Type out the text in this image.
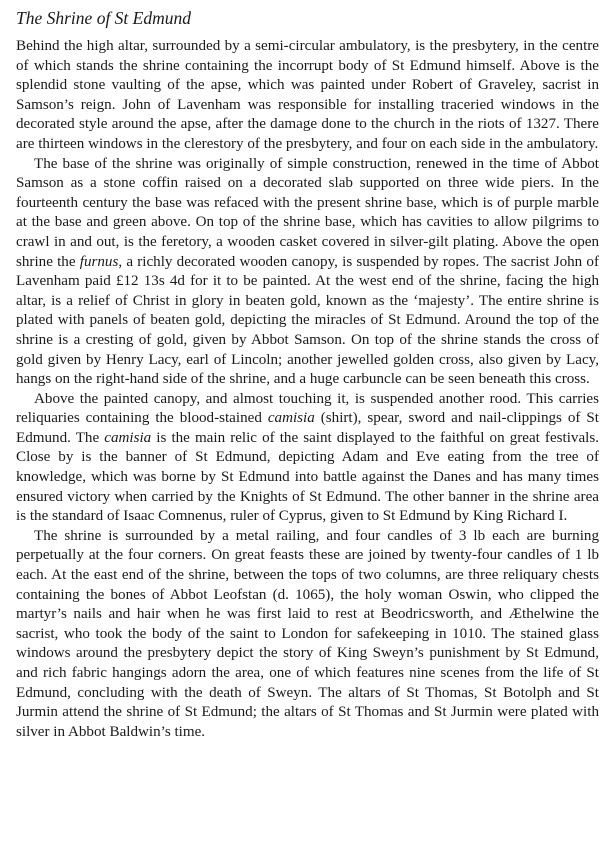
The Shrine of St Edmund

Behind the high altar, surrounded by a semi-circular ambulatory, is the presbytery, in the centre of which stands the shrine containing the incorrupt body of St Edmund himself. Above is the splendid stone vaulting of the apse, which was painted under Robert of Graveley, sacrist in Samson’s reign. John of Lavenham was responsible for installing traceried windows in the decorated style around the apse, after the damage done to the church in the riots of 1327. There are thirteen windows in the clerestory of the presbytery, and four on each side in the ambulatory.

The base of the shrine was originally of simple construction, renewed in the time of Abbot Samson as a stone coffin raised on a decorated slab supported on three wide piers. In the fourteenth century the base was refaced with the present shrine base, which is of purple marble at the base and green above. On top of the shrine base, which has cavities to allow pilgrims to crawl in and out, is the feretory, a wooden casket covered in silver-gilt plating. Above the open shrine the furnus, a richly decorated wooden canopy, is suspended by ropes. The sacrist John of Lavenham paid £12 13s 4d for it to be painted. At the west end of the shrine, facing the high altar, is a relief of Christ in glory in beaten gold, known as the ‘majesty’. The entire shrine is plated with panels of beaten gold, depicting the miracles of St Edmund. Around the top of the shrine is a cresting of gold, given by Abbot Samson. On top of the shrine stands the cross of gold given by Henry Lacy, earl of Lincoln; another jewelled golden cross, also given by Lacy, hangs on the right-hand side of the shrine, and a huge carbuncle can be seen beneath this cross.

Above the painted canopy, and almost touching it, is suspended another rood. This carries reliquaries containing the blood-stained camisia (shirt), spear, sword and nail-clippings of St Edmund. The camisia is the main relic of the saint displayed to the faithful on great festivals. Close by is the banner of St Edmund, depicting Adam and Eve eating from the tree of knowledge, which was borne by St Edmund into battle against the Danes and has many times ensured victory when carried by the Knights of St Edmund. The other banner in the shrine area is the standard of Isaac Comnenus, ruler of Cyprus, given to St Edmund by King Richard I.

The shrine is surrounded by a metal railing, and four candles of 3 lb each are burning perpetually at the four corners. On great feasts these are joined by twenty-four candles of 1 lb each. At the east end of the shrine, between the tops of two columns, are three reliquary chests containing the bones of Abbot Leofstan (d. 1065), the holy woman Oswin, who clipped the martyr’s nails and hair when he was first laid to rest at Beodricsworth, and Æthelwine the sacrist, who took the body of the saint to London for safekeeping in 1010. The stained glass windows around the presbytery depict the story of King Sweyn’s punishment by St Edmund, and rich fabric hangings adorn the area, one of which features nine scenes from the life of St Edmund, concluding with the death of Sweyn. The altars of St Thomas, St Botolph and St Jurmin attend the shrine of St Edmund; the altars of St Thomas and St Jurmin were plated with silver in Abbot Baldwin’s time.
